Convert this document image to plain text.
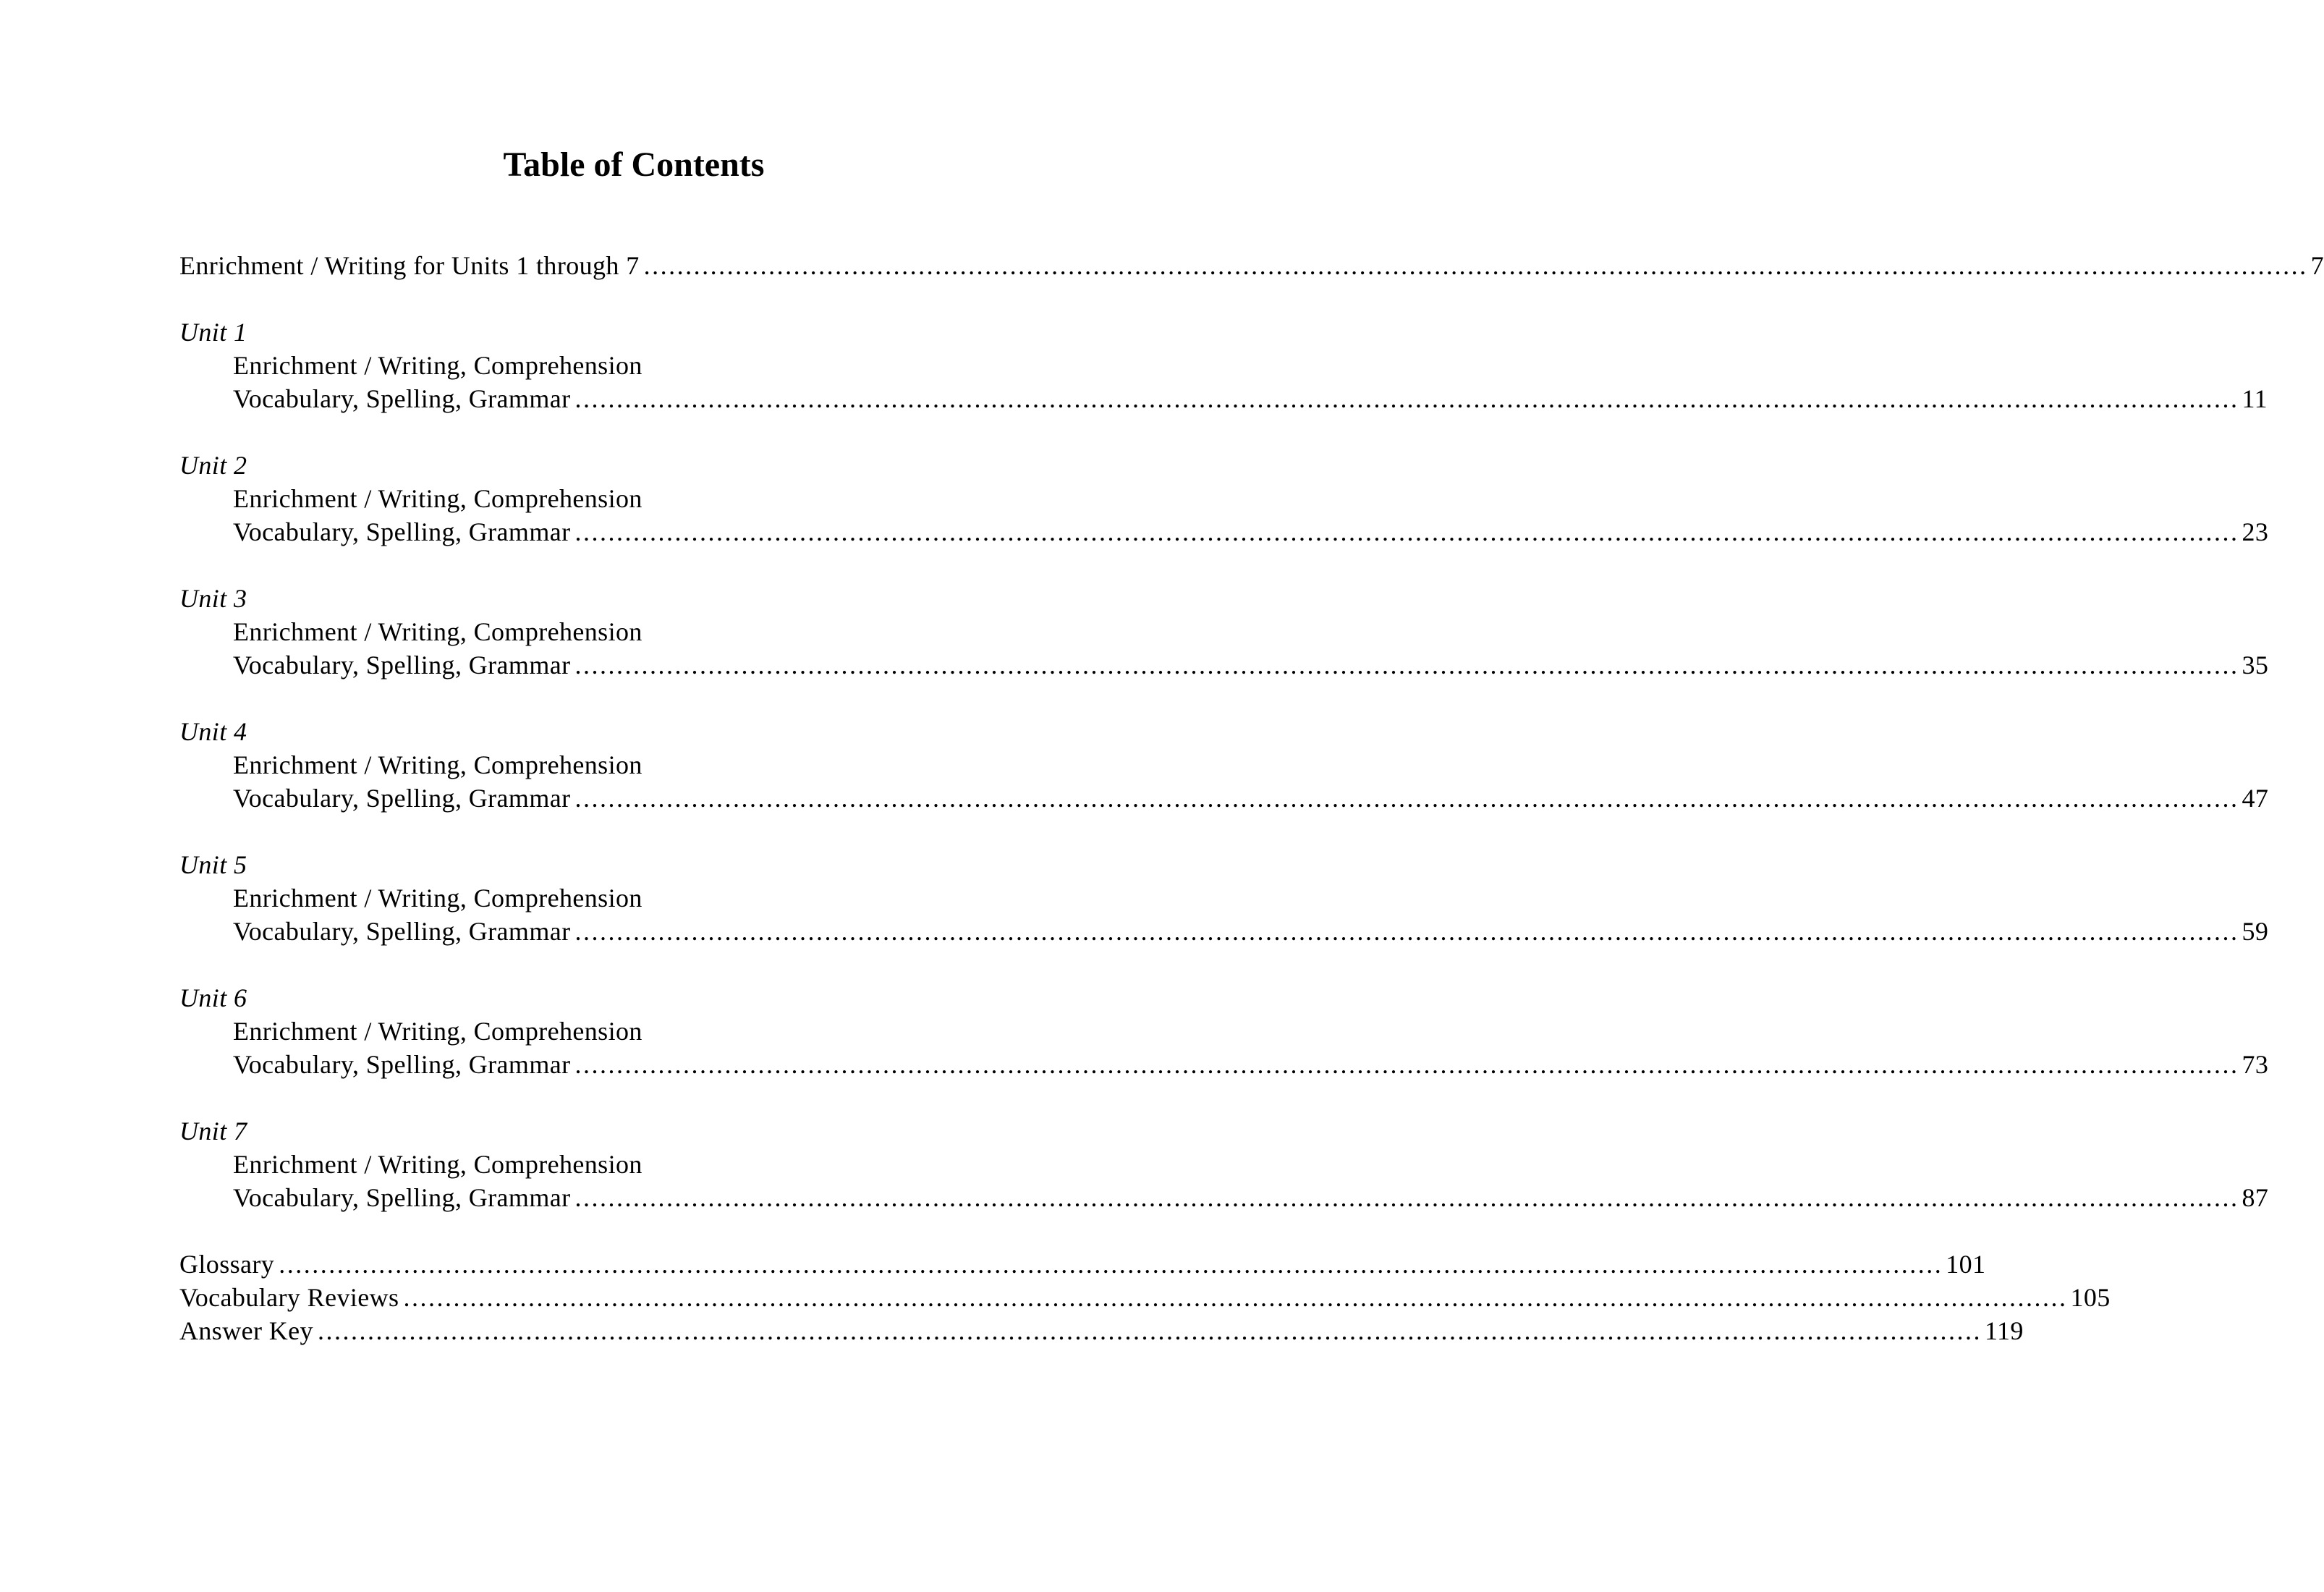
Table of Contents
Enrichment / Writing for Units 1 through 7 ........................................................................................................................................................................................................ 7
Unit 1
Enrichment / Writing, Comprehension
Vocabulary, Spelling, Grammar ........................................................................................................................................................................................................ 11
Unit 2
Enrichment / Writing, Comprehension
Vocabulary, Spelling, Grammar ........................................................................................................................................................................................................ 23
Unit 3
Enrichment / Writing, Comprehension
Vocabulary, Spelling, Grammar ........................................................................................................................................................................................................ 35
Unit 4
Enrichment / Writing, Comprehension
Vocabulary, Spelling, Grammar ........................................................................................................................................................................................................ 47
Unit 5
Enrichment / Writing, Comprehension
Vocabulary, Spelling, Grammar ........................................................................................................................................................................................................ 59
Unit 6
Enrichment / Writing, Comprehension
Vocabulary, Spelling, Grammar ........................................................................................................................................................................................................ 73
Unit 7
Enrichment / Writing, Comprehension
Vocabulary, Spelling, Grammar ........................................................................................................................................................................................................ 87
Glossary ........................................................................................................................................................................................................ 101
Vocabulary Reviews ........................................................................................................................................................................................................ 105
Answer Key ........................................................................................................................................................................................................ 119
